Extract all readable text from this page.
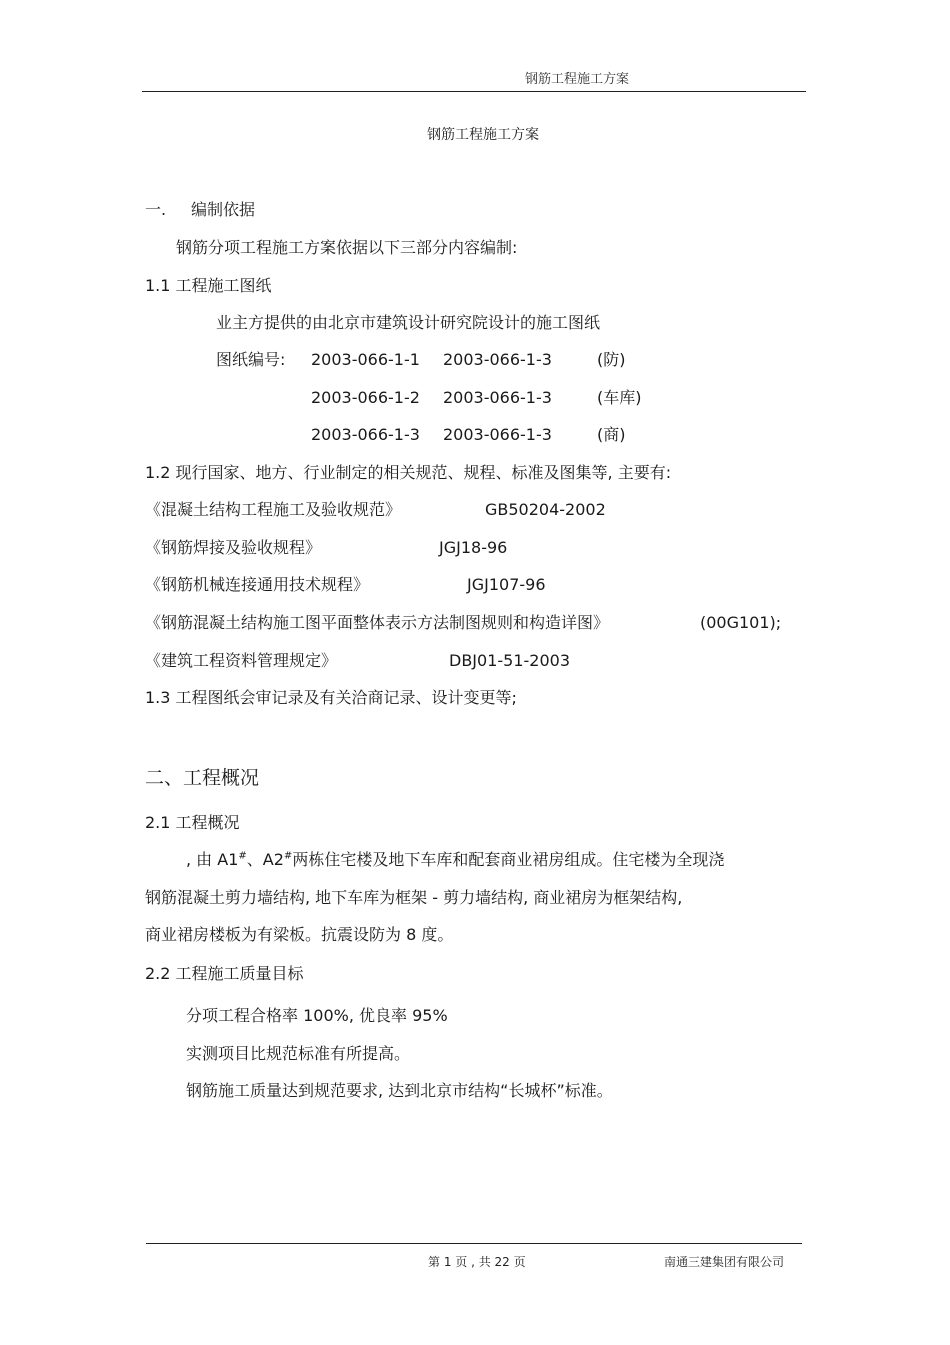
钢筋工程施工方案
钢筋工程施工方案
一. 编制依据
钢筋分项工程施工方案依据以下三部分内容编制:
1.1 工程施工图纸
业主方提供的由北京市建筑设计研究院设计的施工图纸
图纸编号: 2003-066-1-1 2003-066-1-3	(防)
2003-066-1-2 2003-066-1-3	(车库)
2003-066-1-3 2003-066-1-3	(商)
1.2 现行国家、地方、行业制定的相关规范、规程、标准及图集等, 主要有:
《混凝土结构工程施工及验收规范》	GB50204-2002
《钢筋焊接及验收规程》	JGJ18-96
《钢筋机械连接通用技术规程》	JGJ107-96
《钢筋混凝土结构施工图平面整体表示方法制图规则和构造详图》	(00G101);
《建筑工程资料管理规定》	DBJ01-51-2003
1.3 工程图纸会审记录及有关洽商记录、设计变更等;
二、工程概况
2.1 工程概况
, 由 A1#、A2#两栋住宅楼及地下车库和配套商业裙房组成。住宅楼为全现浇
钢筋混凝土剪力墙结构, 地下车库为框架 - 剪力墙结构, 商业裙房为框架结构,
商业裙房楼板为有梁板。抗震设防为 8 度。
2.2 工程施工质量目标
分项工程合格率 100%, 优良率 95%
实测项目比规范标准有所提高。
钢筋施工质量达到规范要求, 达到北京市结构“长城杯”标准。
第 1 页 , 共 22 页	南通三建集团有限公司
